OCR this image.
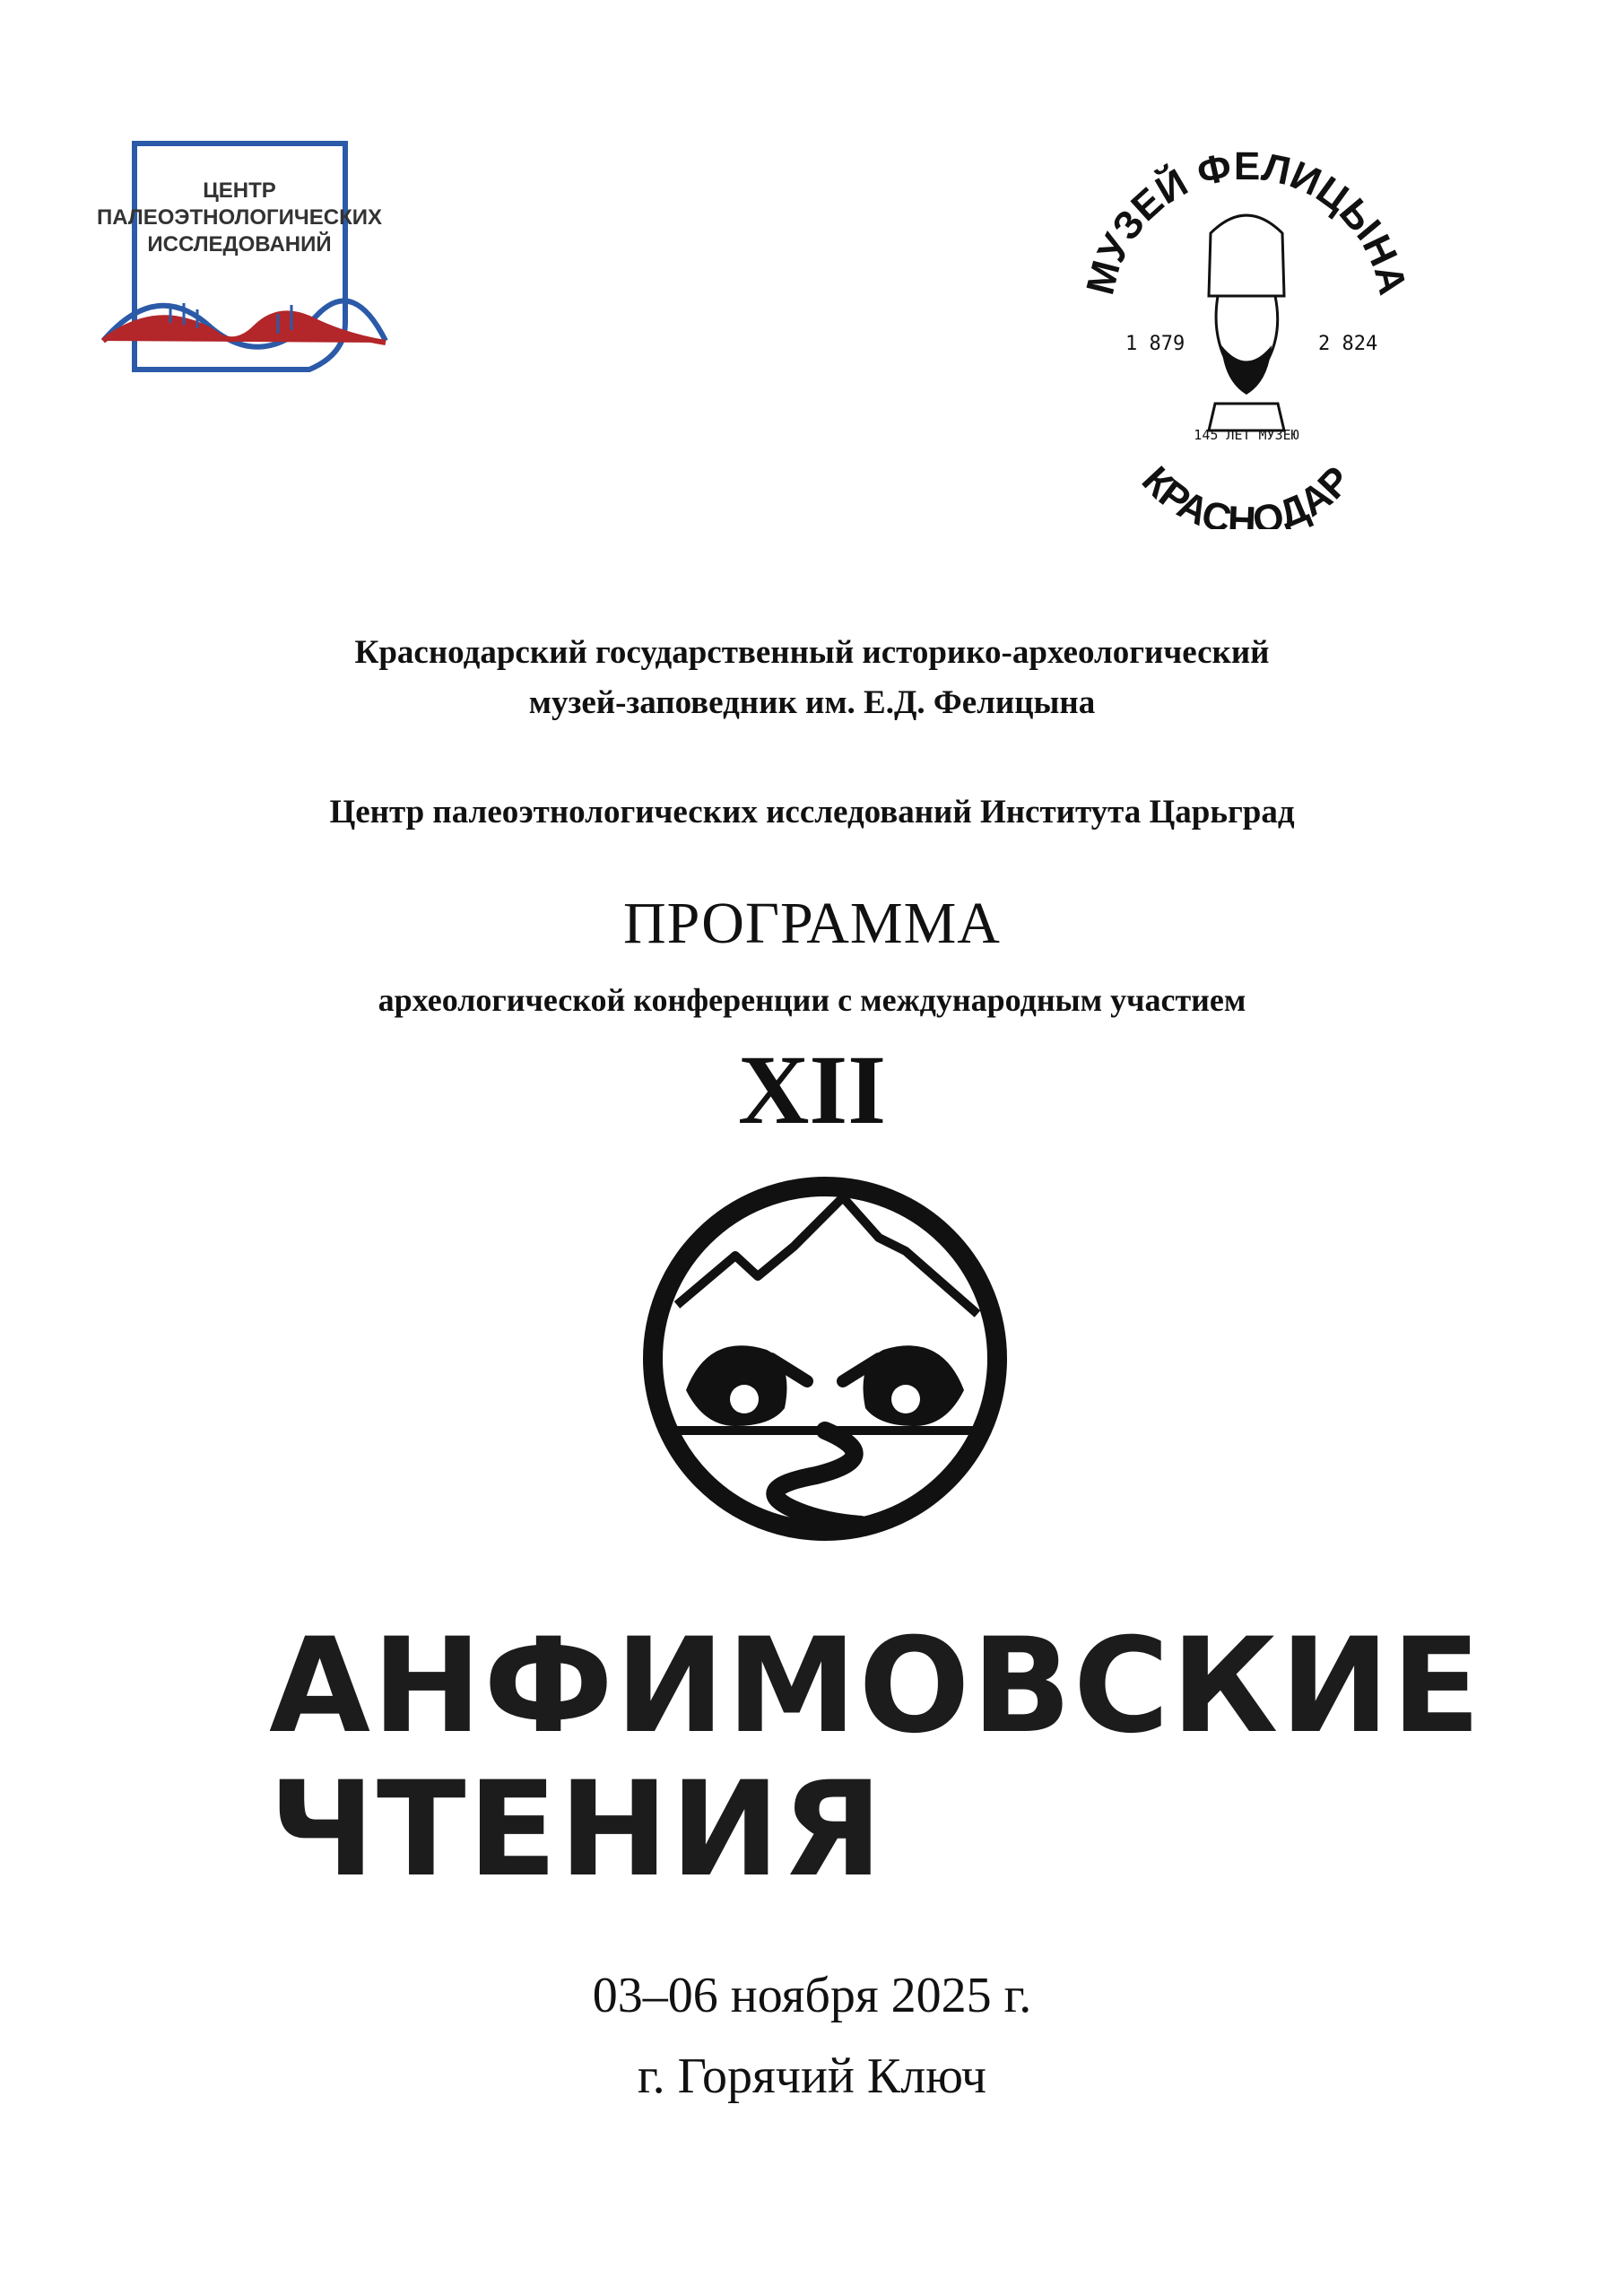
ЦЕНТР
ПАЛЕОЭТНОЛОГИЧЕСКИХ
ИССЛЕДОВАНИЙ
МУЗЕЙ ФЕЛИЦЫНА
1 879	2 824
145 ЛЕТ МУЗЕЮ
КРАСНОДАР
Краснодарский государственный историко-археологический
музей-заповедник им. Е.Д. Фелицына
Центр палеоэтнологических исследований Института Царьград
ПРОГРАММА
археологической конференции с международным участием
XII
АНФИМОВСКИЕ
ЧТЕНИЯ
03–06 ноября 2025 г.
г. Горячий Ключ
